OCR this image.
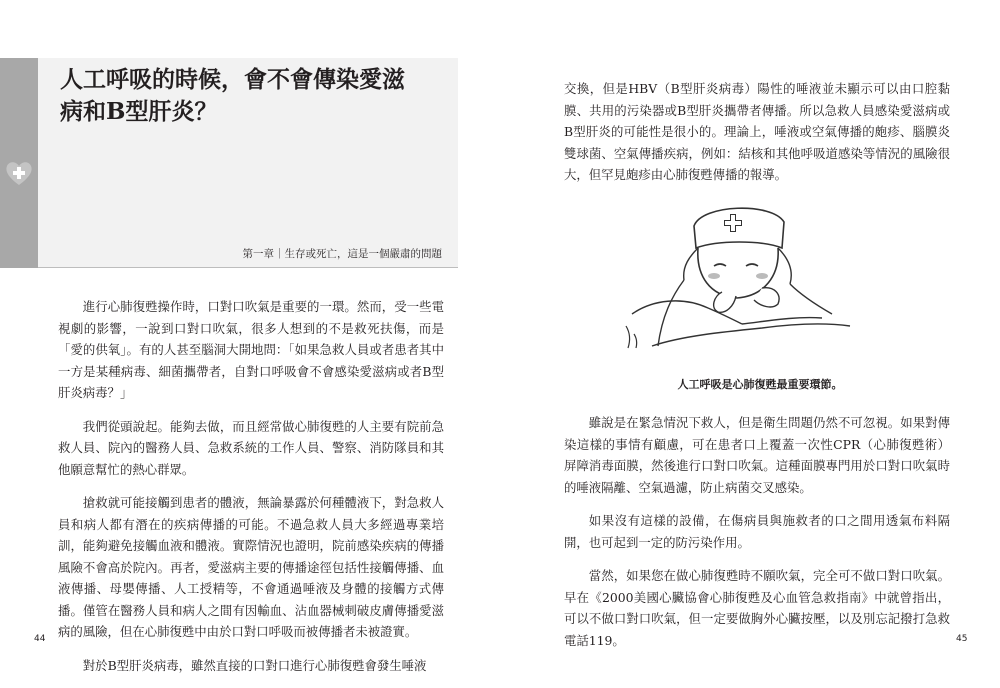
人工呼吸的時候，會不會傳染愛滋病和B型肝炎？
第一章｜生存或死亡，這是一個嚴肅的問題

進行心肺復甦操作時，口對口吹氣是重要的一環。然而，受一些電視劇的影響，一說到口對口吹氣，很多人想到的不是救死扶傷，而是「愛的供氧」。有的人甚至腦洞大開地問：「如果急救人員或者患者其中一方是某種病毒、細菌攜帶者，自對口呼吸會不會感染愛滋病或者B型肝炎病毒？」

我們從頭說起。能夠去做，而且經常做心肺復甦的人主要有院前急救人員、院內的醫務人員、急救系統的工作人員、警察、消防隊員和其他願意幫忙的熱心群眾。

搶救就可能接觸到患者的體液，無論暴露於何種體液下，對急救人員和病人都有潛在的疾病傳播的可能。不過急救人員大多經過專業培訓，能夠避免接觸血液和體液。實際情況也證明，院前感染疾病的傳播風險不會高於院內。再者，愛滋病主要的傳播途徑包括性接觸傳播、血液傳播、母嬰傳播、人工授精等，不會通過唾液及身體的接觸方式傳播。僅管在醫務人員和病人之間有因輸血、沾血器械刺破皮膚傳播愛滋病的風險，但在心肺復甦中由於口對口呼吸而被傳播者未被證實。

對於B型肝炎病毒，雖然直接的口對口進行心肺復甦會發生唾液

44

交換，但是HBV（B型肝炎病毒）陽性的唾液並未顯示可以由口腔黏膜、共用的污染器或B型肝炎攜帶者傳播。所以急救人員感染愛滋病或B型肝炎的可能性是很小的。理論上，唾液或空氣傳播的皰疹、腦膜炎雙球菌、空氣傳播疾病，例如：結核和其他呼吸道感染等情況的風險很大，但罕見皰疹由心肺復甦傳播的報導。

人工呼吸是心肺復甦最重要環節。

雖說是在緊急情況下救人，但是衛生問題仍然不可忽視。如果對傳染這樣的事情有顧慮，可在患者口上覆蓋一次性CPR（心肺復甦術）屏障消毒面膜，然後進行口對口吹氣。這種面膜專門用於口對口吹氣時的唾液隔離、空氣過濾，防止病菌交叉感染。

如果沒有這樣的設備，在傷病員與施救者的口之間用透氣布料隔開，也可起到一定的防污染作用。

當然，如果您在做心肺復甦時不願吹氣，完全可不做口對口吹氣。早在《2000美國心臟協會心肺復甦及心血管急救指南》中就曾指出，可以不做口對口吹氣，但一定要做胸外心臟按壓，以及別忘記撥打急救電話119。	45
